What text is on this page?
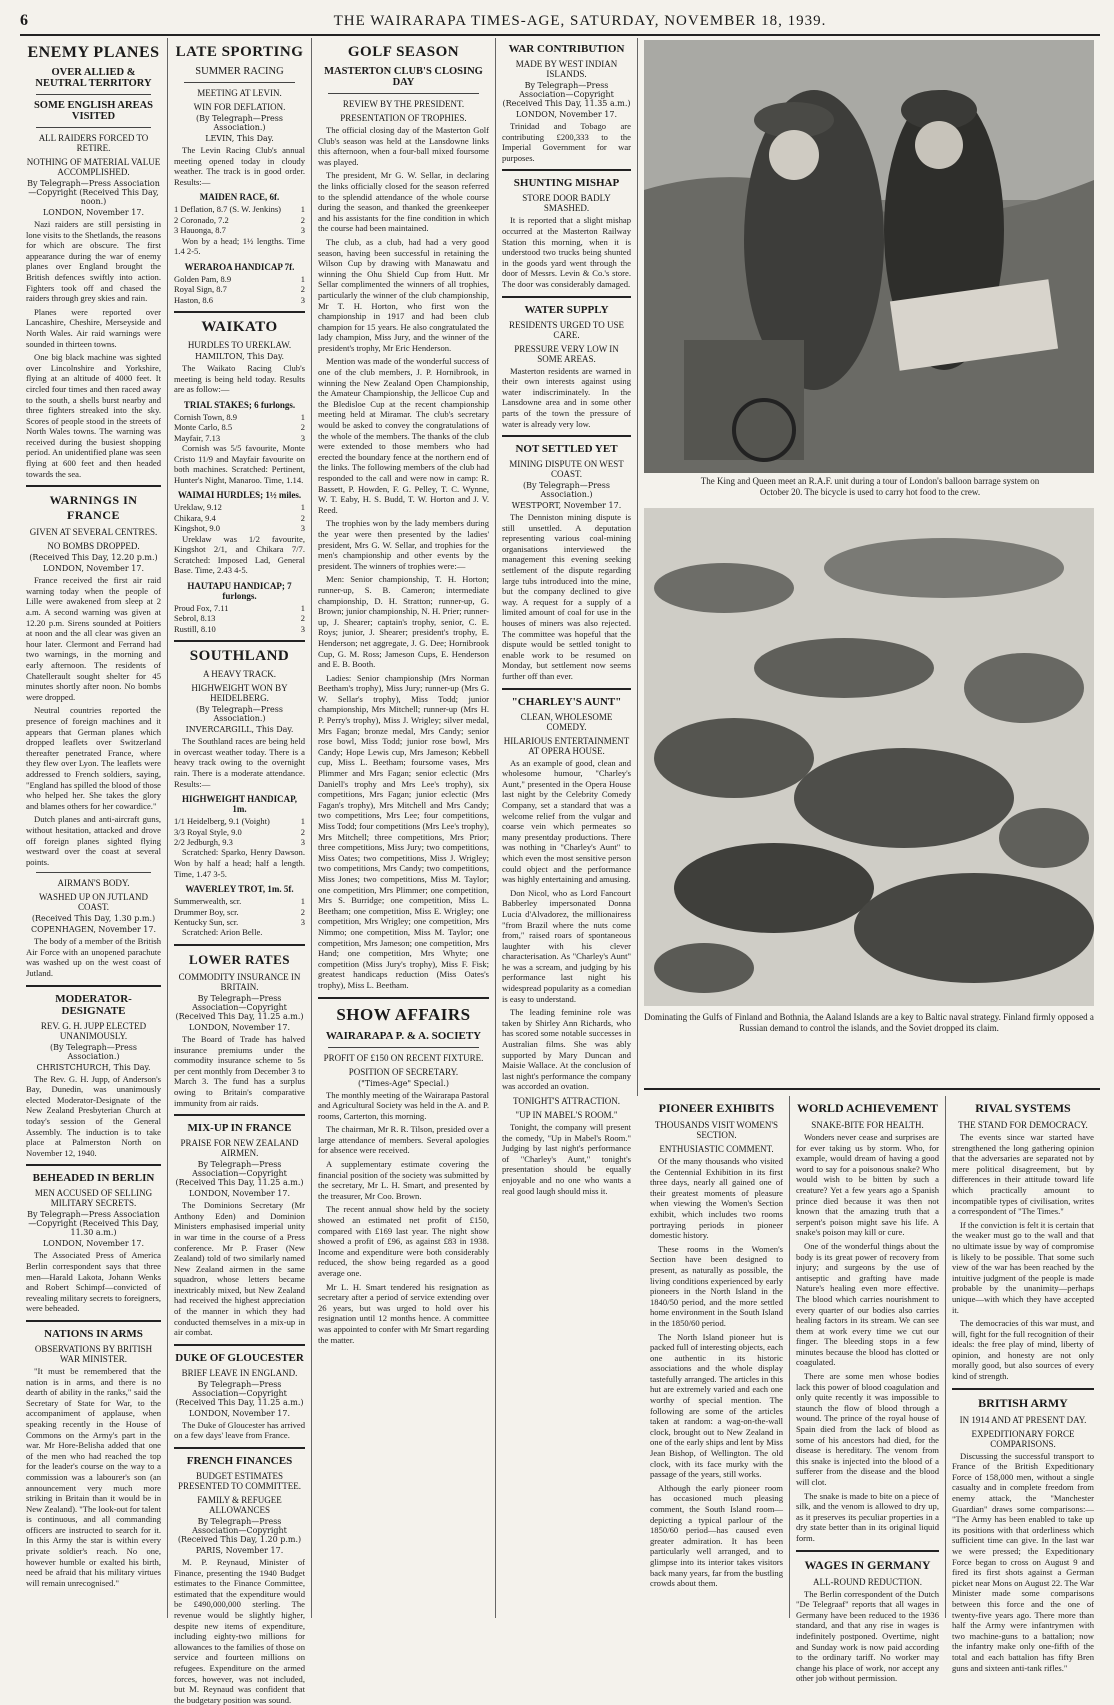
6	THE WAIRARAPA TIMES-AGE, SATURDAY, NOVEMBER 18, 1939.
ENEMY PLANES
OVER ALLIED & NEUTRAL TERRITORY
SOME ENGLISH AREAS VISITED
ALL RAIDERS FORCED TO RETIRE.
NOTHING OF MATERIAL VALUE ACCOMPLISHED.
By Telegraph—Press Association—Copyright (Received This Day, noon.)
LONDON, November 17.

Nazi raiders are still persisting in lone visits to the Shetlands, the reasons for which are obscure. The first appearance during the war of enemy planes over England brought the British defences swiftly into action. Fighters took off and chased the raiders through grey skies and rain.

Planes were reported over Lancashire, Cheshire, Merseyside and North Wales. Air raid warnings were sounded in thirteen towns.

One big black machine was sighted over Lincolnshire and Yorkshire, flying at an altitude of 4000 feet. It circled four times and then raced away to the south, a shells burst nearby and three fighters streaked into the sky. Scores of people stood in the streets of North Wales towns. The warning was received during the busiest shopping period. An unidentified plane was seen flying at 600 feet and then headed towards the sea.

WARNINGS IN FRANCE
GIVEN AT SEVERAL CENTRES.
NO BOMBS DROPPED.
(Received This Day, 12.20 p.m.)
LONDON, November 17.

France received the first air raid warning today when the people of Lille were awakened from sleep at 2 a.m. A second warning was given at 12.20 p.m. Sirens sounded at Poitiers at noon and the all clear was given an hour later. Clermont and Ferrand had two warnings, in the morning and early afternoon. The residents of Chatellerault sought shelter for 45 minutes shortly after noon. No bombs were dropped.

Neutral countries reported the presence of foreign machines and it appears that German planes which dropped leaflets over Switzerland thereafter penetrated France, where they flew over Lyon. The leaflets were addressed to French soldiers, saying, "England has spilled the blood of those who helped her. She takes the glory and blames others for her cowardice."

Dutch planes and anti-aircraft guns, without hesitation, attacked and drove off foreign planes sighted flying westward over the coast at several points.

AIRMAN'S BODY.
WASHED UP ON JUTLAND COAST.
(Received This Day, 1.30 p.m.)
COPENHAGEN, November 17.

The body of a member of the British Air Force with an unopened parachute was washed up on the west coast of Jutland.

MODERATOR-DESIGNATE
REV. G. H. JUPP ELECTED UNANIMOUSLY.
(By Telegraph—Press Association.)
CHRISTCHURCH, This Day.

The Rev. G. H. Jupp, of Anderson's Bay, Dunedin, was unanimously elected Moderator-Designate of the New Zealand Presbyterian Church at today's session of the General Assembly. The induction is to take place at Palmerston North on November 12, 1940.

BEHEADED IN BERLIN
MEN ACCUSED OF SELLING MILITARY SECRETS.
By Telegraph—Press Association—Copyright (Received This Day, 11.30 a.m.)
LONDON, November 17.

The Associated Press of America Berlin correspondent says that three men—Harald Lakota, Johann Wenks and Robert Schimpf—convicted of revealing military secrets to foreigners, were beheaded.

NATIONS IN ARMS
OBSERVATIONS BY BRITISH WAR MINISTER.

"It must be remembered that the nation is in arms, and there is no dearth of ability in the ranks," said the Secretary of State for War, to the accompaniment of applause, when speaking recently in the House of Commons on the Army's part in the war. Mr Hore-Belisha added that one of the men who had reached the top for the leader's course on the way to a commission was a labourer's son (an announcement very much more striking in Britain than it would be in New Zealand). "The look-out for talent is continuous, and all commanding officers are instructed to search for it. In this Army the star is within every private soldier's reach. No one, however humble or exalted his birth, need be afraid that his military virtues will remain unrecognised."

LATE SPORTING
SUMMER RACING
MEETING AT LEVIN.
WIN FOR DEFLATION.
(By Telegraph—Press Association.)
LEVIN, This Day.

The Levin Racing Club's annual meeting opened today in cloudy weather. The track is in good order. Results:—

MAIDEN RACE, 6f.
1 Deflation, 8.7 (S. W. Jenkins) 1
2 Coronado, 7.2	2
3 Hauonga, 8.7	3

Won by a head; 1½ lengths. Time 1.4 2-5.

WERAROA HANDICAP 7f.
Golden Pam, 8.9	1
Royal Sign, 8.7	2
Haston, 8.6	3
WAIKATO
HURDLES TO UREKLAW.
HAMILTON, This Day.

The Waikato Racing Club's meeting is being held today. Results are as follow:—

TRIAL STAKES; 6 furlongs.
Cornish Town, 8.9	1
Monte Carlo, 8.5	2
Mayfair, 7.13	3

Cornish was 5/5 favourite, Monte Cristo 11/9 and Mayfair favourite on both machines. Scratched: Pertinent, Hunter's Night, Manaroo. Time, 1.14.

WAIMAI HURDLES; 1½ miles.
Ureklaw, 9.12	1
Chikara, 9.4	2
Kingshot, 9.0	3

Ureklaw was 1/2 favourite, Kingshot 2/1, and Chikara 7/7. Scratched: Imposed Lad, General Base. Time, 2.43 4-5.

HAUTAPU HANDICAP; 7 furlongs.
Proud Fox, 7.11	1
Sebrol, 8.13	2
Rustill, 8.10	3
SOUTHLAND
A HEAVY TRACK.
HIGHWEIGHT WON BY HEIDELBERG.
(By Telegraph—Press Association.)
INVERCARGILL, This Day.

The Southland races are being held in overcast weather today. There is a heavy track owing to the overnight rain. There is a moderate attendance. Results:—

HIGHWEIGHT HANDICAP, 1m.
1/1 Heidelberg, 9.1 (Voight)	1
3/3 Royal Style, 9.0	2
2/2 Jedburgh, 9.3	3

Scratched: Sparko, Henry Dawson. Won by half a head; half a length. Time, 1.47 3-5.

WAVERLEY TROT, 1m. 5f.
Summerwealth, scr.	1
Drummer Boy, scr.	2
Kentucky Sun, scr.	3

Scratched: Arion Belle.

LOWER RATES
COMMODITY INSURANCE IN BRITAIN.
By Telegraph—Press Association—Copyright (Received This Day, 11.25 a.m.)
LONDON, November 17.

The Board of Trade has halved insurance premiums under the commodity insurance scheme to 5s per cent monthly from December 3 to March 3. The fund has a surplus owing to Britain's comparative immunity from air raids.

MIX-UP IN FRANCE
PRAISE FOR NEW ZEALAND AIRMEN.
By Telegraph—Press Association—Copyright (Received This Day, 11.25 a.m.)
LONDON, November 17.

The Dominions Secretary (Mr Anthony Eden) and Dominion Ministers emphasised imperial unity in war time in the course of a Press conference. Mr P. Fraser (New Zealand) told of two similarly named New Zealand airmen in the same squadron, whose letters became inextricably mixed, but New Zealand had received the highest appreciation of the manner in which they had conducted themselves in a mix-up in air combat.

DUKE OF GLOUCESTER
BRIEF LEAVE IN ENGLAND.
By Telegraph—Press Association—Copyright (Received This Day, 11.25 a.m.)
LONDON, November 17.

The Duke of Gloucester has arrived on a few days' leave from France.

FRENCH FINANCES
BUDGET ESTIMATES PRESENTED TO COMMITTEE.
FAMILY & REFUGEE ALLOWANCES
By Telegraph—Press Association—Copyright (Received This Day, 1.20 p.m.)
PARIS, November 17.

M. P. Reynaud, Minister of Finance, presenting the 1940 Budget estimates to the Finance Committee, estimated that the expenditure would be £490,000,000 sterling. The revenue would be slightly higher, despite new items of expenditure, including eighty-two millions for allowances to the families of those on service and fourteen millions on refugees. Expenditure on the armed forces, however, was not included, but M. Reynaud was confident that the budgetary position was sound.

GOLF SEASON
MASTERTON CLUB'S CLOSING DAY
REVIEW BY THE PRESIDENT.
PRESENTATION OF TROPHIES.

The official closing day of the Masterton Golf Club's season was held at the Lansdowne links this afternoon, when a four-ball mixed foursome was played.

The president, Mr G. W. Sellar, in declaring the links officially closed for the season referred to the splendid attendance of the whole course during the season, and thanked the greenkeeper and his assistants for the fine condition in which the course had been maintained.

The club, as a club, had had a very good season, having been successful in retaining the Wilson Cup by drawing with Manawatu and winning the Ohu Shield Cup from Hutt. Mr Sellar complimented the winners of all trophies, particularly the winner of the club championship, Mr T. H. Horton, who first won the championship in 1917 and had been club champion for 15 years. He also congratulated the lady champion, Miss Jury, and the winner of the president's trophy, Mr Eric Henderson.

Mention was made of the wonderful success of one of the club members, J. P. Hornibrook, in winning the New Zealand Open Championship, the Amateur Championship, the Jellicoe Cup and the Bledisloe Cup at the recent championship meeting held at Miramar. The club's secretary would be asked to convey the congratulations of the whole of the members. The thanks of the club were extended to those members who had erected the boundary fence at the northern end of the links. The following members of the club had responded to the call and were now in camp: R. Bassett, P. Howden, F. G. Pelley, T. C. Wynne, W. T. Eaby, H. S. Budd, T. W. Horton and J. V. Reed.

The trophies won by the lady members during the year were then presented by the ladies' president, Mrs G. W. Sellar, and trophies for the men's championship and other events by the president. The winners of trophies were:—

Men: Senior championship, T. H. Horton; runner-up, S. B. Cameron; intermediate championship, D. H. Stratton; runner-up, G. Brown; junior championship, N. H. Prier; runner-up, J. Shearer; captain's trophy, senior, C. E. Roys; junior, J. Shearer; president's trophy, E. Henderson; net aggregate, J. G. Dee; Hornibrook Cup, G. M. Ross; Jameson Cups, E. Henderson and E. B. Booth.

Ladies: Senior championship (Mrs Norman Beetham's trophy), Miss Jury; runner-up (Mrs G. W. Sellar's trophy), Miss Todd; junior championship, Mrs Mitchell; runner-up (Mrs H. P. Perry's trophy), Miss J. Wrigley; silver medal, Mrs Fagan; bronze medal, Mrs Candy; senior rose bowl, Miss Todd; junior rose bowl, Mrs Candy; Hope Lewis cup, Mrs Jameson; Kebbell cup, Miss L. Beetham; foursome vases, Mrs Plimmer and Mrs Fagan; senior eclectic (Mrs Daniell's trophy and Mrs Lee's trophy), six competitions, Mrs Fagan; junior eclectic (Mrs Fagan's trophy), Mrs Mitchell and Mrs Candy; two competitions, Mrs Lee; four competitions, Miss Todd; four competitions (Mrs Lee's trophy), Mrs Mitchell; three competitions, Mrs Prior; three competitions, Miss Jury; two competitions, Miss Oates; two competitions, Miss J. Wrigley; two competitions, Mrs Candy; two competitions, Miss Jones; two competitions, Miss M. Taylor; one competition, Mrs Plimmer; one competition, Mrs S. Burridge; one competition, Miss L. Beetham; one competition, Miss E. Wrigley; one competition, Mrs Wrigley; one competition, Mrs Nimmo; one competition, Miss M. Taylor; one competition, Mrs Jameson; one competition, Mrs Hand; one competition, Mrs Whyte; one competition (Miss Jury's trophy), Miss F. Fisk; greatest handicaps reduction (Miss Oates's trophy), Miss L. Beetham.

SHOW AFFAIRS
WAIRARAPA P. & A. SOCIETY
PROFIT OF £150 ON RECENT FIXTURE.
POSITION OF SECRETARY.
("Times-Age" Special.)

The monthly meeting of the Wairarapa Pastoral and Agricultural Society was held in the A. and P. rooms, Carterton, this morning.

The chairman, Mr R. R. Tilson, presided over a large attendance of members. Several apologies for absence were received.

A supplementary estimate covering the financial position of the society was submitted by the secretary, Mr L. H. Smart, and presented by the treasurer, Mr Coo. Brown.

The recent annual show held by the society showed an estimated net profit of £150, compared with £169 last year. The night show showed a profit of £96, as against £83 in 1938. Income and expenditure were both considerably reduced, the show being regarded as a good average one.

Mr L. H. Smart tendered his resignation as secretary after a period of service extending over 26 years, but was urged to hold over his resignation until 12 months hence. A committee was appointed to confer with Mr Smart regarding the matter.

WAR CONTRIBUTION
MADE BY WEST INDIAN ISLANDS.
By Telegraph—Press Association—Copyright (Received This Day, 11.35 a.m.)
LONDON, November 17.

Trinidad and Tobago are contributing £200,333 to the Imperial Government for war purposes.

SHUNTING MISHAP
STORE DOOR BADLY SMASHED.

It is reported that a slight mishap occurred at the Masterton Railway Station this morning, when it is understood two trucks being shunted in the goods yard went through the door of Messrs. Levin & Co.'s store. The door was considerably damaged.

WATER SUPPLY
RESIDENTS URGED TO USE CARE.
PRESSURE VERY LOW IN SOME AREAS.

Masterton residents are warned in their own interests against using water indiscriminately. In the Lansdowne area and in some other parts of the town the pressure of water is already very low.

NOT SETTLED YET
MINING DISPUTE ON WEST COAST.
(By Telegraph—Press Association.)
WESTPORT, November 17.

The Denniston mining dispute is still unsettled. A deputation representing various coal-mining organisations interviewed the management this evening seeking settlement of the dispute regarding large tubs introduced into the mine, but the company declined to give way. A request for a supply of a limited amount of coal for use in the houses of miners was also rejected. The committee was hopeful that the dispute would be settled tonight to enable work to be resumed on Monday, but settlement now seems further off than ever.

"CHARLEY'S AUNT"
CLEAN, WHOLESOME COMEDY.
HILARIOUS ENTERTAINMENT AT OPERA HOUSE.

As an example of good, clean and wholesome humour, "Charley's Aunt," presented in the Opera House last night by the Celebrity Comedy Company, set a standard that was a welcome relief from the vulgar and coarse vein which permeates so many presentday productions. There was nothing in "Charley's Aunt" to which even the most sensitive person could object and the performance was highly entertaining and amusing.

Don Nicol, who as Lord Fancourt Babberley impersonated Donna Lucia d'Alvadorez, the millionairess "from Brazil where the nuts come from," raised roars of spontaneous laughter with his clever characterisation. As "Charley's Aunt" he was a scream, and judging by his performance last night his widespread popularity as a comedian is easy to understand.

The leading feminine role was taken by Shirley Ann Richards, who has scored some notable successes in Australian films. She was ably supported by Mary Duncan and Maisie Wallace. At the conclusion of last night's performance the company was accorded an ovation.

TONIGHT'S ATTRACTION.
"UP IN MABEL'S ROOM."

Tonight, the company will present the comedy, "Up in Mabel's Room." Judging by last night's performance of "Charley's Aunt," tonight's presentation should be equally enjoyable and no one who wants a real good laugh should miss it.

The King and Queen meet an R.A.F. unit during a tour of London's balloon barrage system on October 20. The bicycle is used to carry hot food to the crew.
Dominating the Gulfs of Finland and Bothnia, the Aaland Islands are a key to Baltic naval strategy. Finland firmly opposed a Russian demand to control the islands, and the Soviet dropped its claim.
PIONEER EXHIBITS
THOUSANDS VISIT WOMEN'S SECTION.
ENTHUSIASTIC COMMENT.

Of the many thousands who visited the Centennial Exhibition in its first three days, nearly all gained one of their greatest moments of pleasure when viewing the Women's Section exhibit, which includes two rooms portraying periods in pioneer domestic history.

These rooms in the Women's Section have been designed to present, as naturally as possible, the living conditions experienced by early pioneers in the North Island in the 1840/50 period, and the more settled home environment in the South Island in the 1850/60 period.

The North Island pioneer hut is packed full of interesting objects, each one authentic in its historic associations and the whole display tastefully arranged. The articles in this hut are extremely varied and each one worthy of special mention. The following are some of the articles taken at random: a wag-on-the-wall clock, brought out to New Zealand in one of the early ships and lent by Miss Jean Bishop, of Wellington. The old clock, with its face murky with the passage of the years, still works.

Although the early pioneer room has occasioned much pleasing comment, the South Island room—depicting a typical parlour of the 1850/60 period—has caused even greater admiration. It has been particularly well arranged, and to glimpse into its interior takes visitors back many years, far from the bustling crowds about them.

WORLD ACHIEVEMENT
SNAKE-BITE FOR HEALTH.

Wonders never cease and surprises are for ever taking us by storm. Who, for example, would dream of having a good word to say for a poisonous snake? Who would wish to be bitten by such a creature? Yet a few years ago a Spanish prince died because it was then not known that the amazing truth that a serpent's poison might save his life. A snake's poison may kill or cure.

One of the wonderful things about the body is its great power of recovery from injury; and surgeons by the use of antiseptic and grafting have made Nature's healing even more effective. The blood which carries nourishment to every quarter of our bodies also carries healing factors in its stream. We can see them at work every time we cut our finger. The bleeding stops in a few minutes because the blood has clotted or coagulated.

There are some men whose bodies lack this power of blood coagulation and only quite recently it was impossible to staunch the flow of blood through a wound. The prince of the royal house of Spain died from the lack of blood as some of his ancestors had died, for the disease is hereditary. The venom from this snake is injected into the blood of a sufferer from the disease and the blood will clot.

The snake is made to bite on a piece of silk, and the venom is allowed to dry up, as it preserves its peculiar properties in a dry state better than in its original liquid form.

WAGES IN GERMANY
ALL-ROUND REDUCTION.

The Berlin correspondent of the Dutch "De Telegraaf" reports that all wages in Germany have been reduced to the 1936 standard, and that any rise in wages is indefinitely postponed. Overtime, night and Sunday work is now paid according to the ordinary tariff. No worker may change his place of work, nor accept any other job without permission.

RIVAL SYSTEMS
THE STAND FOR DEMOCRACY.

The events since war started have strengthened the long gathering opinion that the adversaries are separated not by mere political disagreement, but by differences in their attitude toward life which practically amount to incompatible types of civilisation, writes a correspondent of "The Times."

If the conviction is felt it is certain that the weaker must go to the wall and that no ultimate issue by way of compromise is likely to be possible. That some such view of the war has been reached by the intuitive judgment of the people is made probable by the unanimity—perhaps unique—with which they have accepted it.

The democracies of this war must, and will, fight for the full recognition of their ideals: the free play of mind, liberty of opinion, and honesty are not only morally good, but also sources of every kind of strength.

BRITISH ARMY
IN 1914 AND AT PRESENT DAY.
EXPEDITIONARY FORCE COMPARISONS.

Discussing the successful transport to France of the British Expeditionary Force of 158,000 men, without a single casualty and in complete freedom from enemy attack, the "Manchester Guardian" draws some comparisons:— "The Army has been enabled to take up its positions with that orderliness which sufficient time can give. In the last war we were pressed; the Expeditionary Force began to cross on August 9 and fired its first shots against a German picket near Mons on August 22. The War Minister made some comparisons between this force and the one of twenty-five years ago. There more than half the Army were infantrymen with two machine-guns to a battalion; now the infantry make only one-fifth of the total and each battalion has fifty Bren guns and sixteen anti-tank rifles."
